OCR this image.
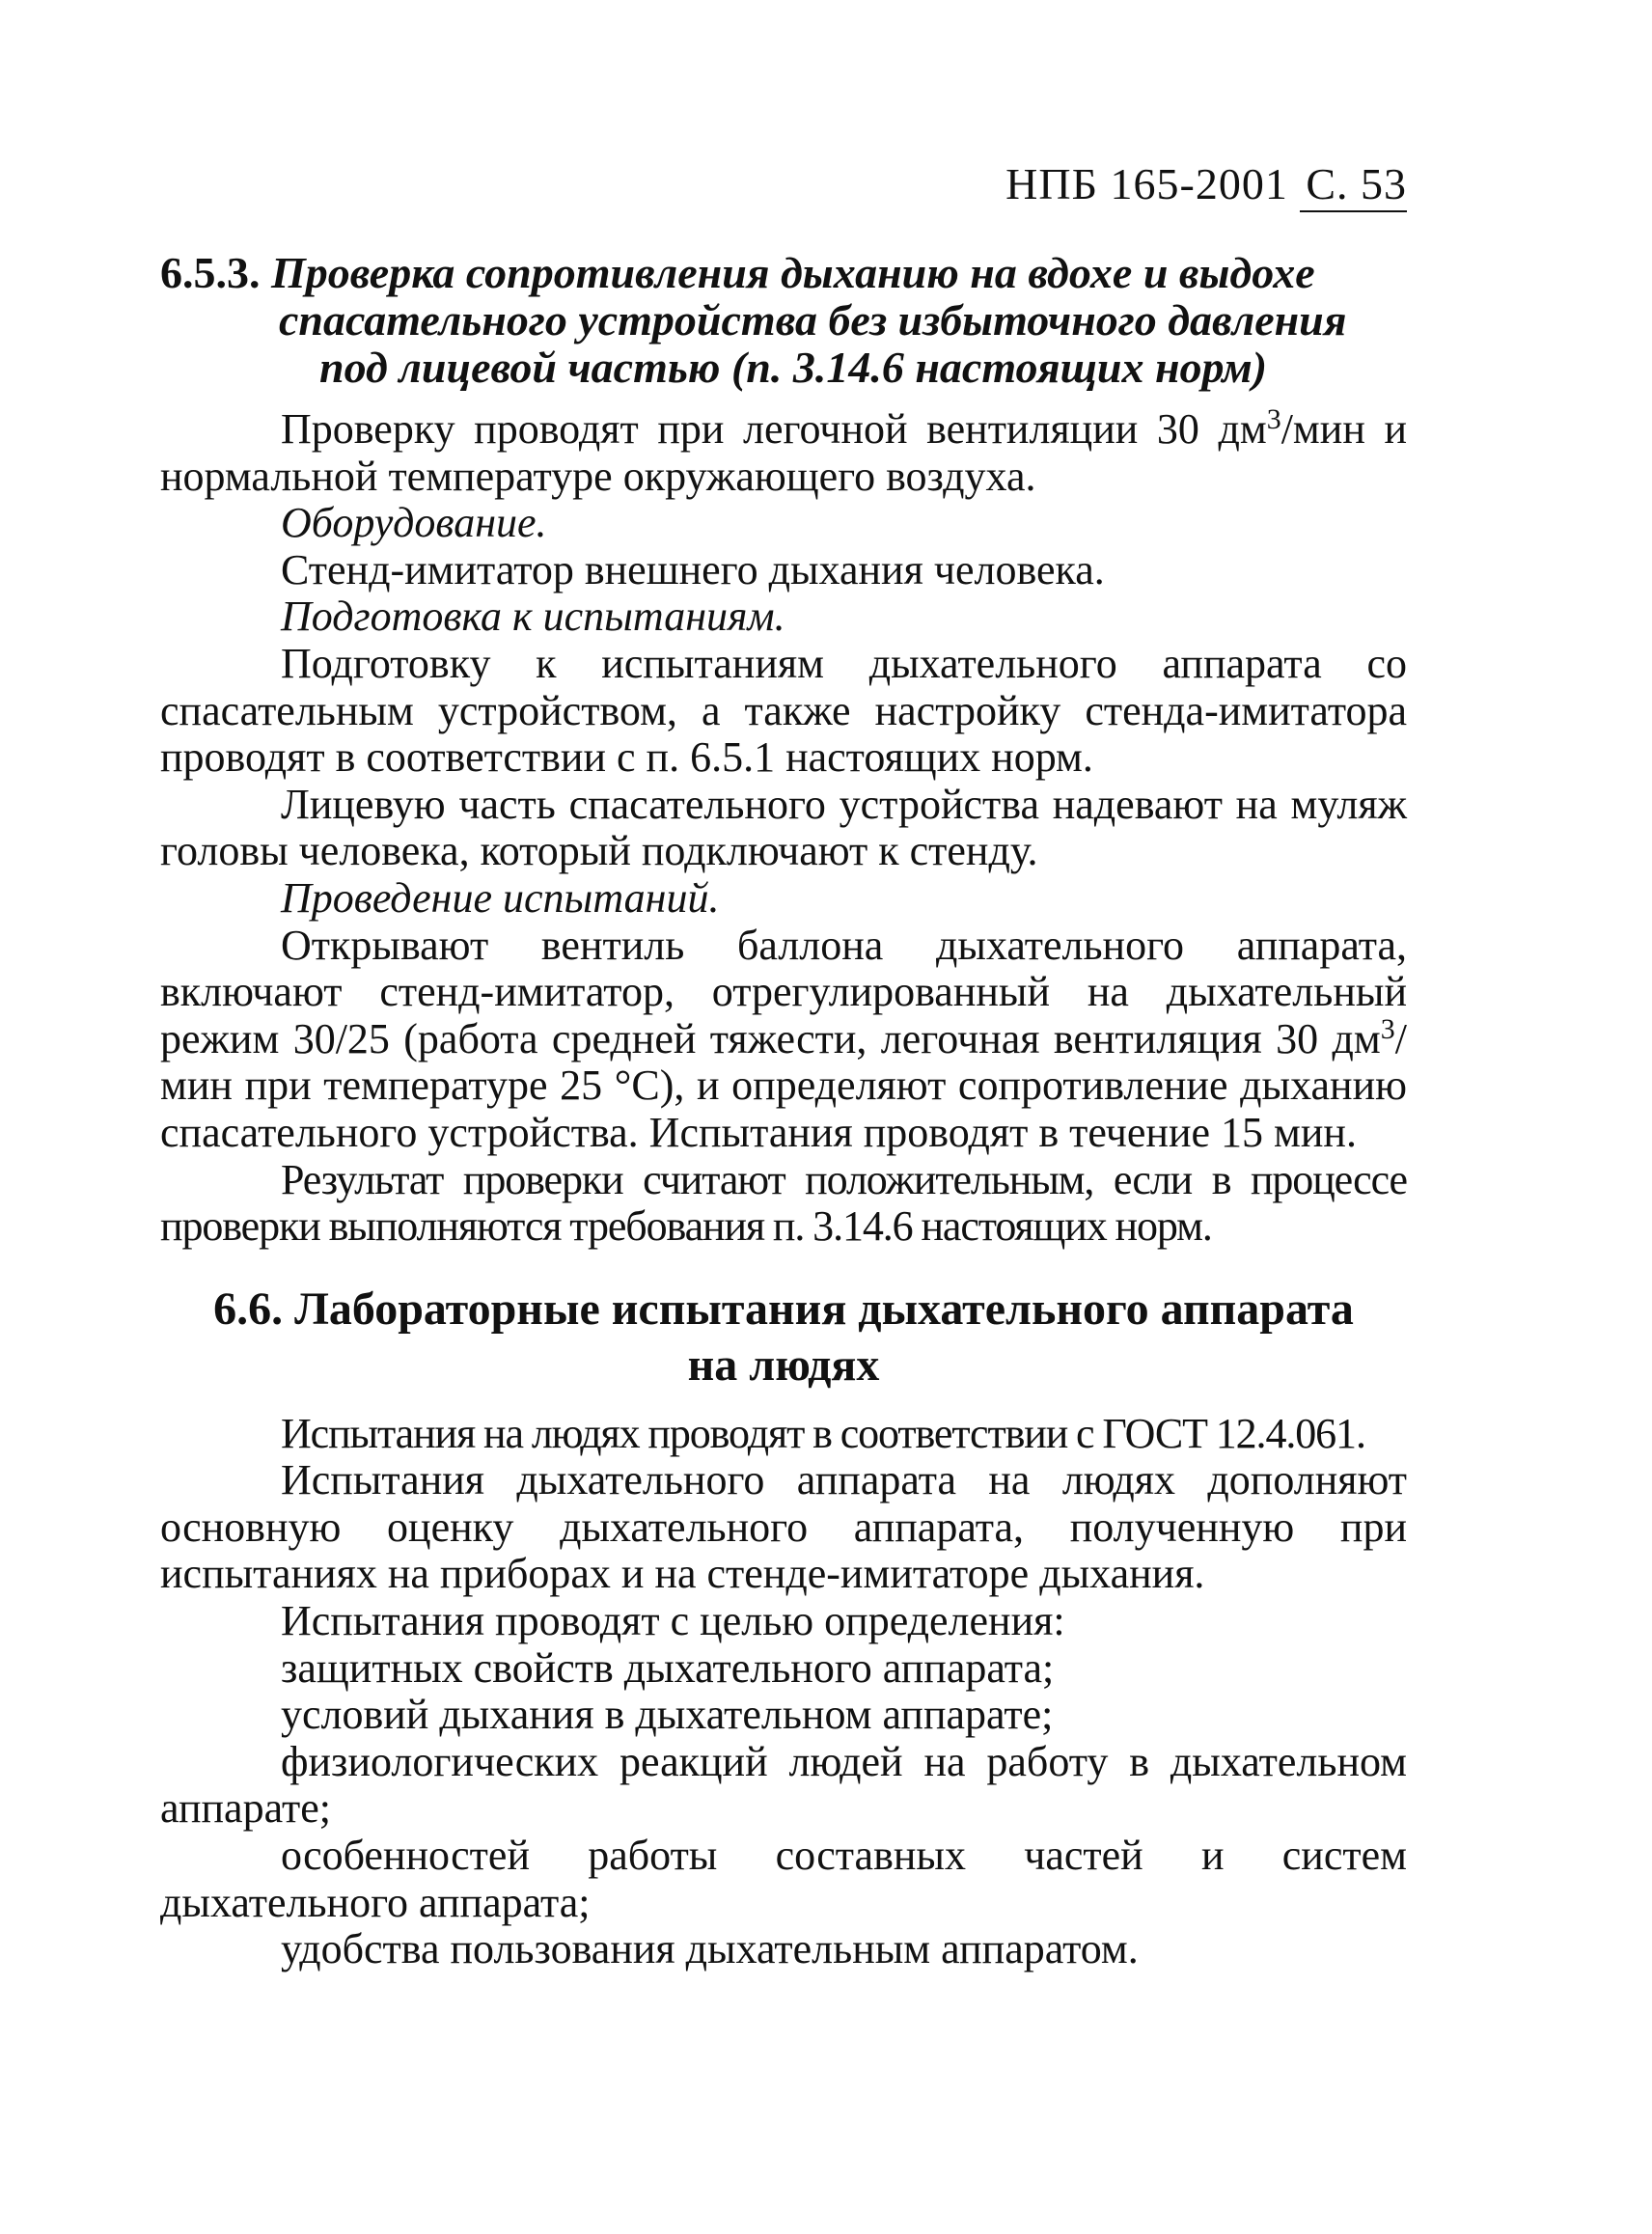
НПБ 165-2001 С. 53
6.5.3. Проверка сопротивления дыханию на вдохе и выдохе
спасательного устройства без избыточного давления
под лицевой частью (п. 3.14.6 настоящих норм)

Проверку проводят при легочной вентиляции 30 $дм^3$/мин и нормальной температуре окружающего воздуха.

Оборудование.

Стенд-имитатор внешнего дыхания человека.

Подготовка к испытаниям.

Подготовку к испытаниям дыхательного аппарата со спасательным устройством, а также настройку стенда-имитатора проводят в соответствии с п. 6.5.1 настоящих норм.

Лицевую часть спасательного устройства надевают на муляж головы человека, который подключают к стенду.

Проведение испытаний.

Открывают вентиль баллона дыхательного аппарата, включают стенд-имитатор, отрегулированный на дыхательный режим 30/25 (работа средней тяжести, легочная вентиляция 30 $дм^3$/мин при температуре 25 °С), и определяют сопротивление дыханию спасательного устройства. Испытания проводят в течение 15 мин.

Результат проверки считают положительным, если в процессе проверки выполняются требования п. 3.14.6 настоящих норм.

6.6. Лабораторные испытания дыхательного аппарата
на людях

Испытания на людях проводят в соответствии с ГОСТ 12.4.061.

Испытания дыхательного аппарата на людях дополняют основную оценку дыхательного аппарата, полученную при испытаниях на приборах и на стенде-имитаторе дыхания.

Испытания проводят с целью определения:

защитных свойств дыхательного аппарата;

условий дыхания в дыхательном аппарате;

физиологических реакций людей на работу в дыхательном аппарате;

особенностей работы составных частей и систем дыхательного аппарата;

удобства пользования дыхательным аппаратом.
